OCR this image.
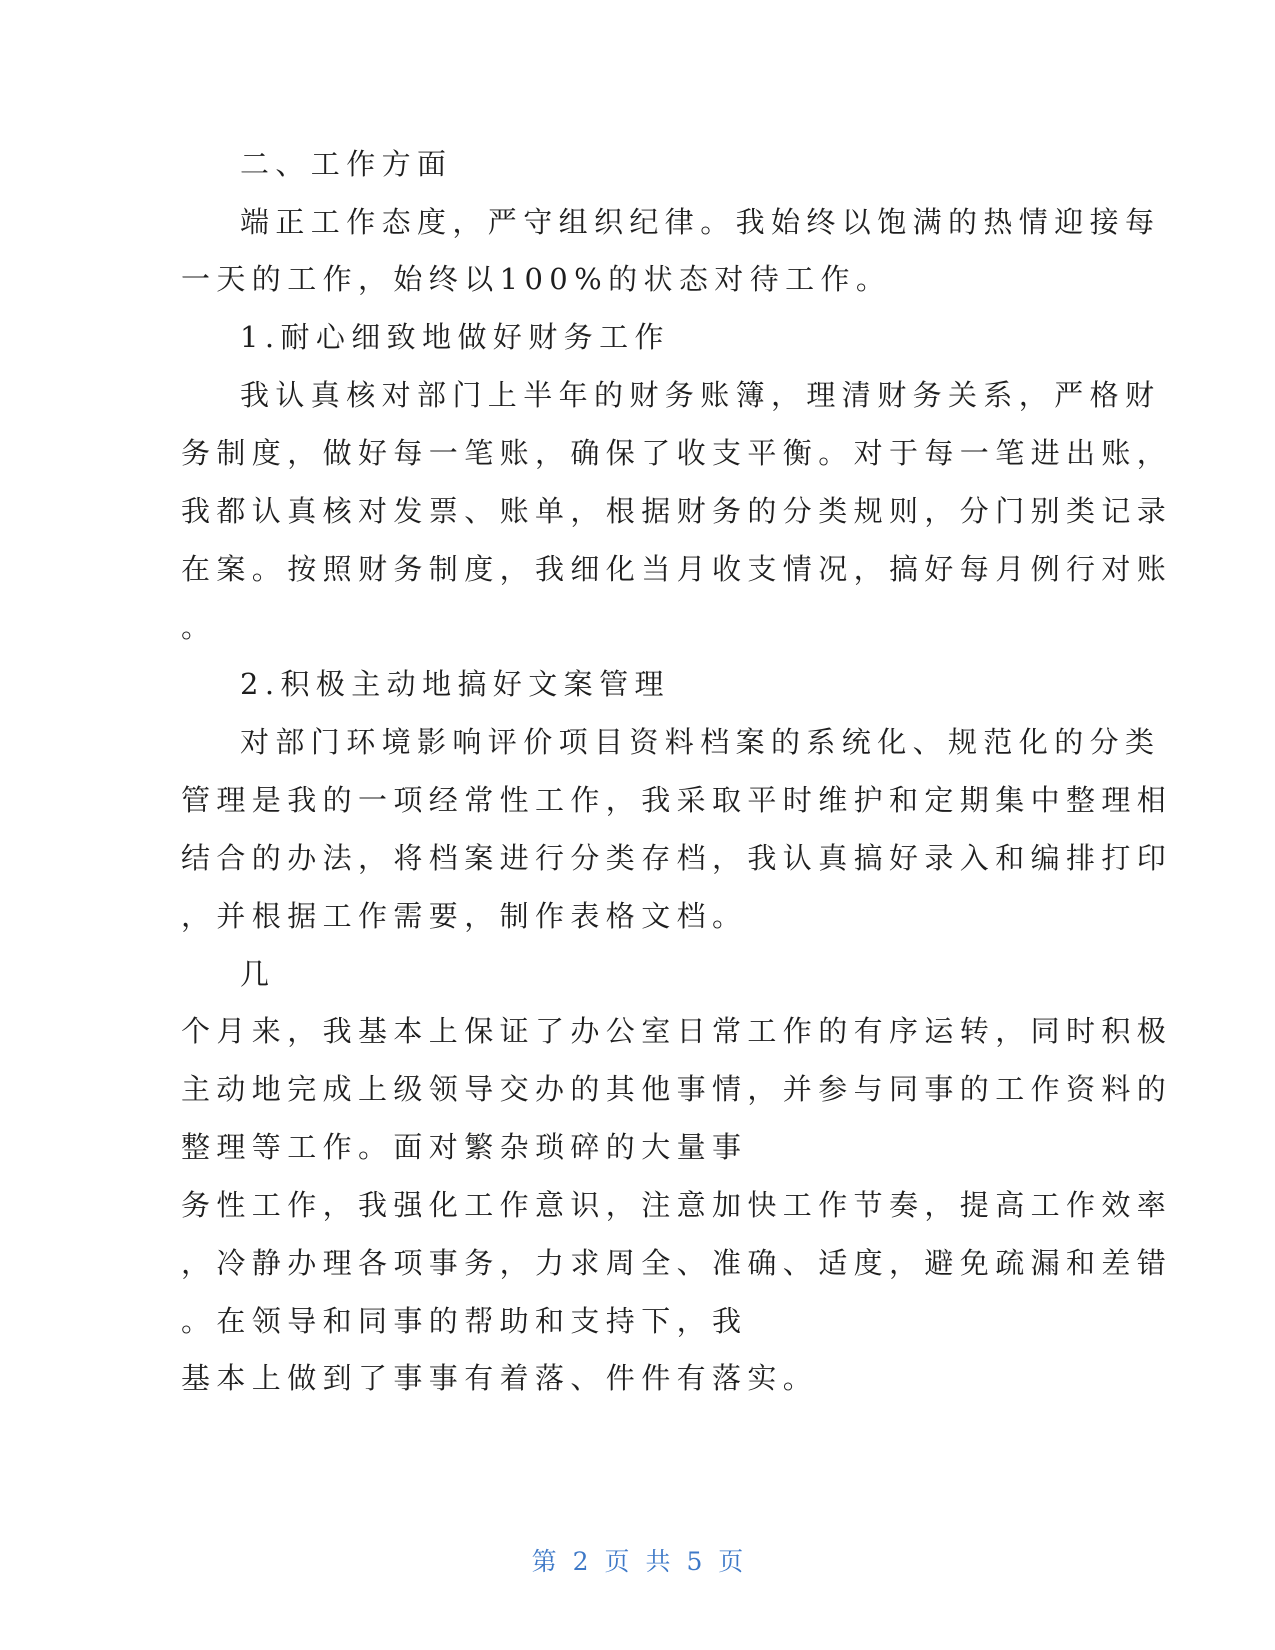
二、工作方面

端正工作态度，严守组织纪律。我始终以饱满的热情迎接每

一天的工作，始终以100%的状态对待工作。

1.耐心细致地做好财务工作

我认真核对部门上半年的财务账簿，理清财务关系，严格财

务制度，做好每一笔账，确保了收支平衡。对于每一笔进出账，

我都认真核对发票、账单，根据财务的分类规则，分门别类记录

在案。按照财务制度，我细化当月收支情况，搞好每月例行对账

。

2.积极主动地搞好文案管理

对部门环境影响评价项目资料档案的系统化、规范化的分类

管理是我的一项经常性工作，我采取平时维护和定期集中整理相

结合的办法，将档案进行分类存档，我认真搞好录入和编排打印

，并根据工作需要，制作表格文档。

几

个月来，我基本上保证了办公室日常工作的有序运转，同时积极

主动地完成上级领导交办的其他事情，并参与同事的工作资料的

整理等工作。面对繁杂琐碎的大量事

务性工作，我强化工作意识，注意加快工作节奏，提高工作效率

，冷静办理各项事务，力求周全、准确、适度，避免疏漏和差错

。在领导和同事的帮助和支持下，我

基本上做到了事事有着落、件件有落实。

第 2 页 共 5 页
